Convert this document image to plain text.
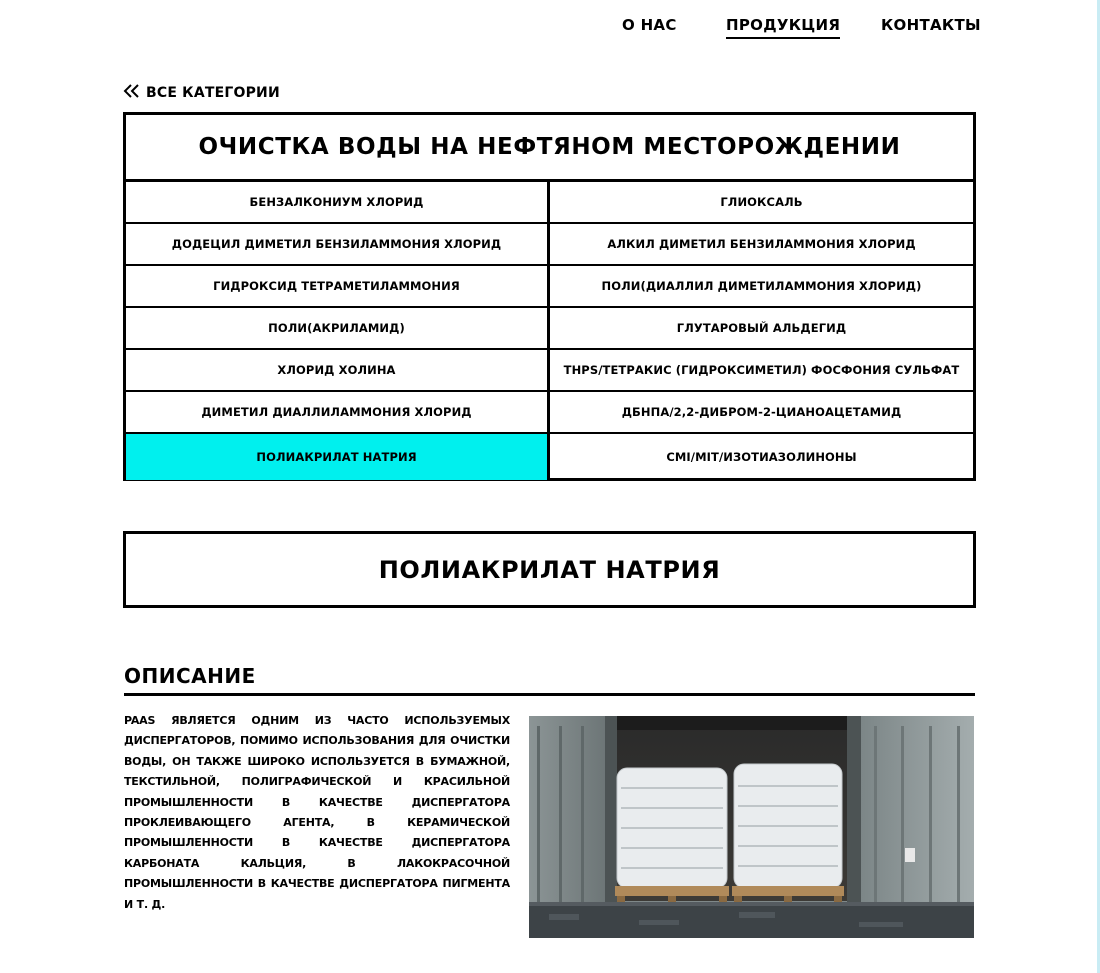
О НАС	ПРОДУКЦИЯ	КОНТАКТЫ
ВСЕ КАТЕГОРИИ
ОЧИСТКА ВОДЫ НА НЕФТЯНОМ МЕСТОРОЖДЕНИИ
БЕНЗАЛКОНИУМ ХЛОРИД	ГЛИОКСАЛЬ
ДОДЕЦИЛ ДИМЕТИЛ БЕНЗИЛАММОНИЯ ХЛОРИД	АЛКИЛ ДИМЕТИЛ БЕНЗИЛАММОНИЯ ХЛОРИД
ГИДРОКСИД ТЕТРАМЕТИЛАММОНИЯ	ПОЛИ(ДИАЛЛИЛ ДИМЕТИЛАММОНИЯ ХЛОРИД)
ПОЛИ(АКРИЛАМИД)	ГЛУТАРОВЫЙ АЛЬДЕГИД
ХЛОРИД ХОЛИНА	THPS/ТЕТРАКИС (ГИДРОКСИМЕТИЛ) ФОСФОНИЯ СУЛЬФАТ
ДИМЕТИЛ ДИАЛЛИЛАММОНИЯ ХЛОРИД	ДБНПА/2,2-ДИБРОМ-2-ЦИАНОАЦЕТАМИД
ПОЛИАКРИЛАТ НАТРИЯ	CMI/MIT/ИЗОТИАЗОЛИНОНЫ
ПОЛИАКРИЛАТ НАТРИЯ
ОПИСАНИЕ
PAAS ЯВЛЯЕТСЯ ОДНИМ ИЗ ЧАСТО ИСПОЛЬЗУЕМЫХ ДИСПЕРГАТОРОВ, ПОМИМО ИСПОЛЬЗОВАНИЯ ДЛЯ ОЧИСТКИ ВОДЫ, ОН ТАКЖЕ ШИРОКО ИСПОЛЬЗУЕТСЯ В БУМАЖНОЙ, ТЕКСТИЛЬНОЙ, ПОЛИГРАФИЧЕСКОЙ И КРАСИЛЬНОЙ ПРОМЫШЛЕННОСТИ В КАЧЕСТВЕ ДИСПЕРГАТОРА ПРОКЛЕИВАЮЩЕГО АГЕНТА, В КЕРАМИЧЕСКОЙ ПРОМЫШЛЕННОСТИ В КАЧЕСТВЕ ДИСПЕРГАТОРА КАРБОНАТА КАЛЬЦИЯ, В ЛАКОКРАСОЧНОЙ ПРОМЫШЛЕННОСТИ В КАЧЕСТВЕ ДИСПЕРГАТОРА ПИГМЕНТА И Т. Д.
